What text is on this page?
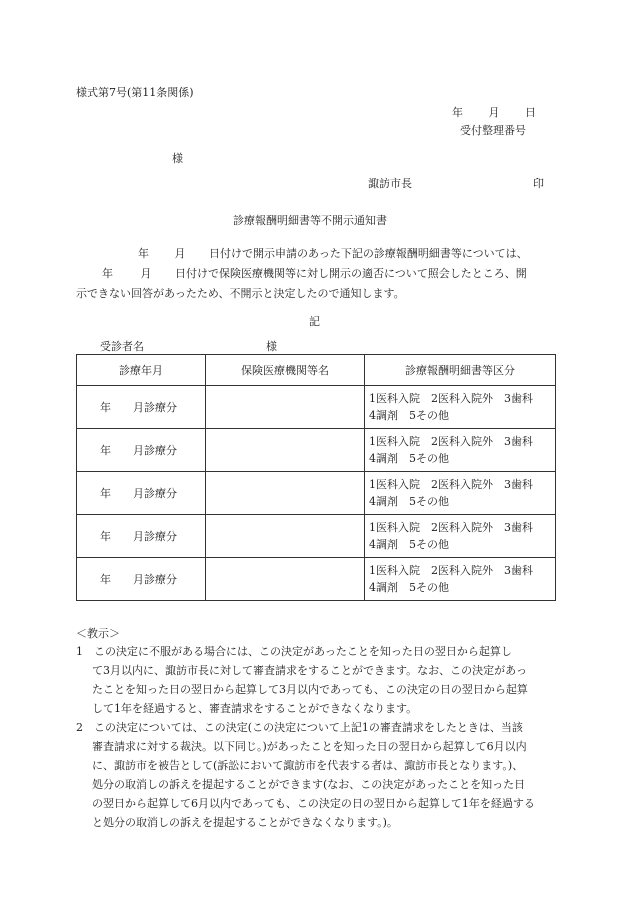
様式第7号(第11条関係)
年 月 日
受付整理番号
様
諏訪市長	印
診療報酬明細書等不開示通知書
年 月 日付けで開示申請のあった下記の診療報酬明細書等については、
年	月 日付けで保険医療機関等に対し開示の適否について照会したところ、開
示できない回答があったため、不開示と決定したので通知します。
記
受診者名	様
診療年月	保険医療機関等名	診療報酬明細書等区分
年 月診療分		1医科入院　2医科入院外　3歯科
4調剤　5その他

年 月診療分		1医科入院　2医科入院外　3歯科
4調剤　5その他

年 月診療分		1医科入院　2医科入院外　3歯科
4調剤　5その他

年 月診療分		1医科入院　2医科入院外　3歯科
4調剤　5その他

年 月診療分		1医科入院　2医科入院外　3歯科
4調剤　5その他
＜教示＞
1　この決定に不服がある場合には、この決定があったことを知った日の翌日から起算し
て3月以内に、諏訪市長に対して審査請求をすることができます。なお、この決定があっ
たことを知った日の翌日から起算して3月以内であっても、この決定の日の翌日から起算
して1年を経過すると、審査請求をすることができなくなります。
2　この決定については、この決定(この決定について上記1の審査請求をしたときは、当該
審査請求に対する裁決。以下同じ。)があったことを知った日の翌日から起算して6月以内
に、諏訪市を被告として(訴訟において諏訪市を代表する者は、諏訪市長となります。)、
処分の取消しの訴えを提起することができます(なお、この決定があったことを知った日
の翌日から起算して6月以内であっても、この決定の日の翌日から起算して1年を経過する
と処分の取消しの訴えを提起することができなくなります。)。
